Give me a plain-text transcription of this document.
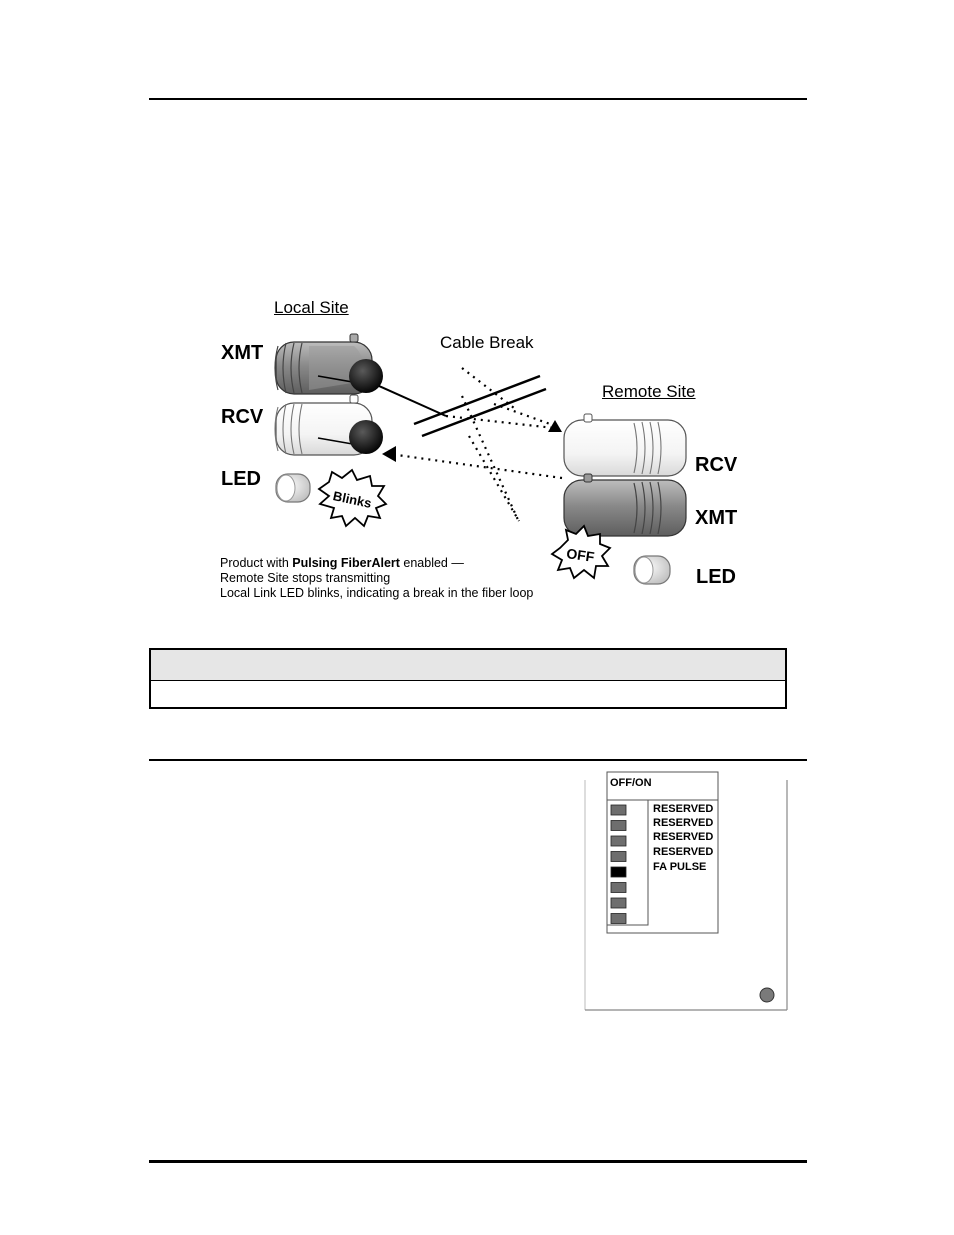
Blinks
OFF
Local Site
Cable Break
Remote Site
XMT
RCV
LED
RCV
XMT
LED
Product with Pulsing FiberAlert enabled —
Remote Site stops transmitting
Local Link LED blinks, indicating a break in the fiber loop
OFF/ON
RESERVED
RESERVED
RESERVED
RESERVED
FA PULSE
